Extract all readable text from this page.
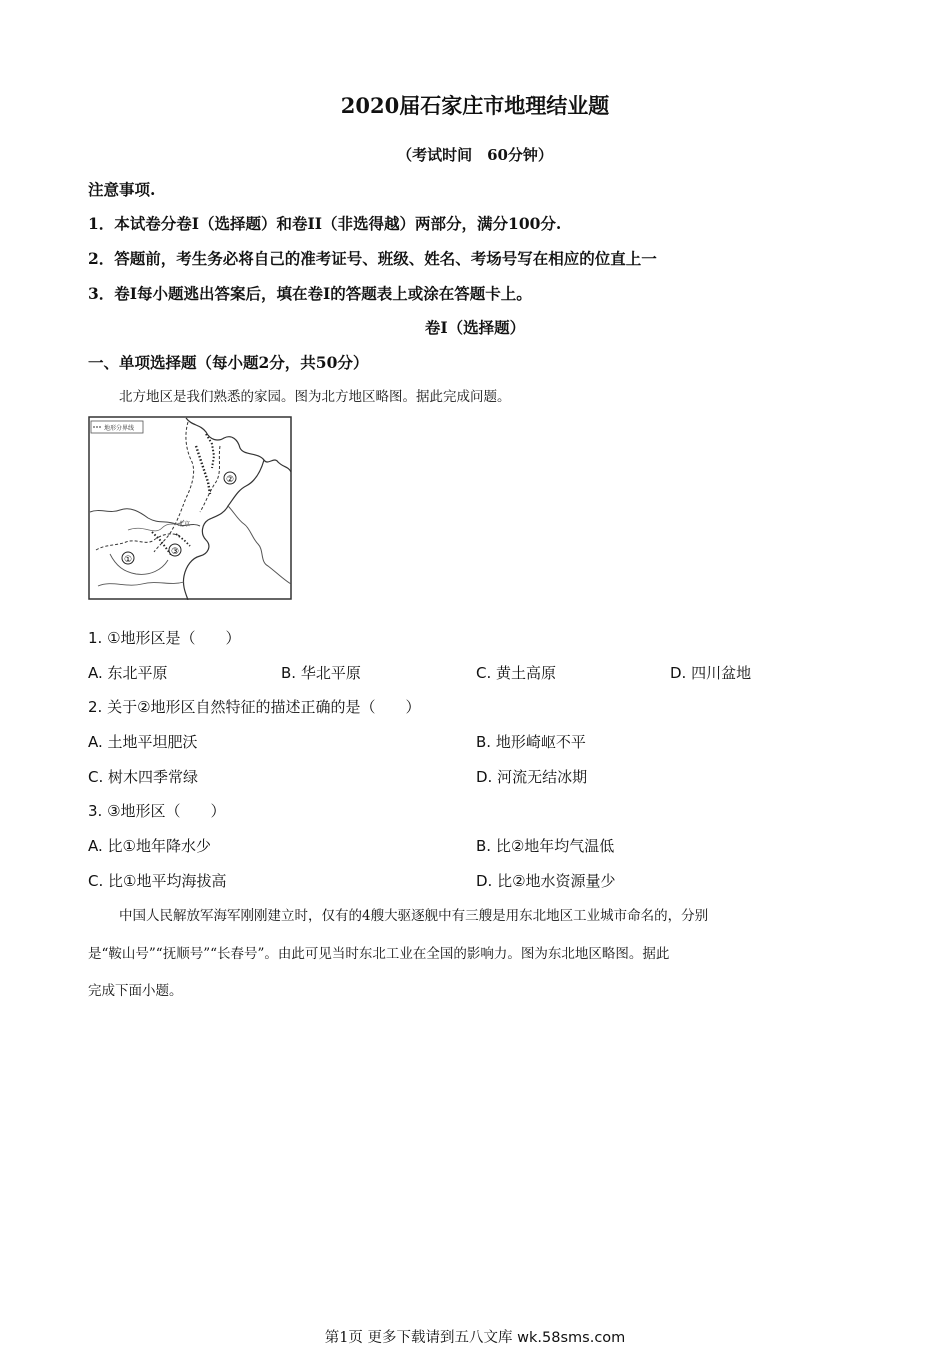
2020届石家庄市地理结业题
（考试时间　60分钟）
注意事项.
1．本试卷分卷Ⅰ（选择题）和卷II（非选得越）两部分，满分100分.
2．答题前，考生务必将自己的准考证号、班级、姓名、考场号写在相应的位直上一
3．卷Ⅰ每小题逃出答案后，填在卷Ⅰ的答题表上或涂在答题卡上。
卷Ⅰ（选择题）
一、单项选择题（每小题2分，共50分）
北方地区是我们熟悉的家园。图为北方地区略图。据此完成问题。
地形分界线
②
③
①
北京
1. ①地形区是（　　）
A. 东北平原	B. 华北平原	C. 黄土高原	D. 四川盆地
2. 关于②地形区自然特征的描述正确的是（　　）
A. 土地平坦肥沃	B. 地形崎岖不平
C. 树木四季常绿	D. 河流无结冰期
3. ③地形区（　　）
A. 比①地年降水少	B. 比②地年均气温低
C. 比①地平均海拔高	D. 比②地水资源量少
中国人民解放军海军刚刚建立时，仅有的4艘大驱逐舰中有三艘是用东北地区工业城市命名的，分别
是“鞍山号”“抚顺号”“长春号”。由此可见当时东北工业在全国的影响力。图为东北地区略图。据此
完成下面小题。
第1页 更多下载请到五八文库 wk.58sms.com
